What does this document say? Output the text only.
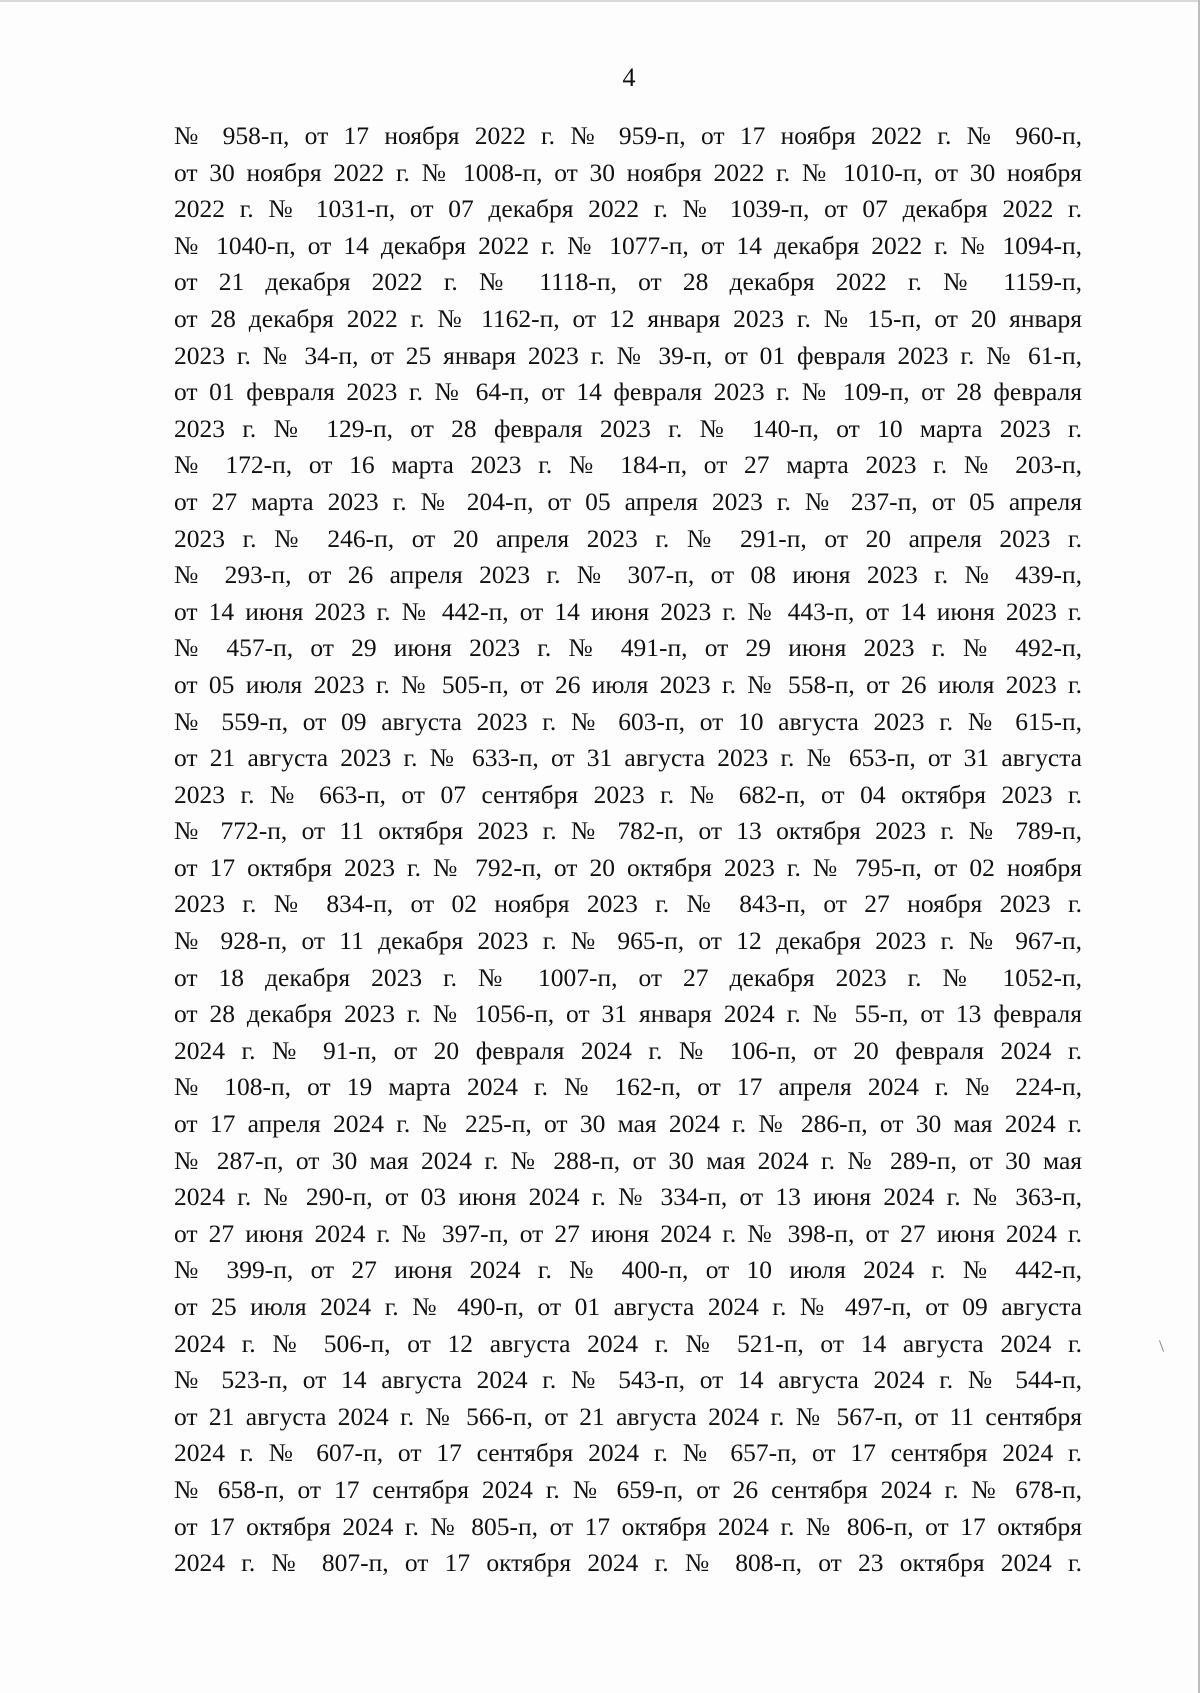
4
№ 958-п, от 17 ноября 2022 г. № 959-п, от 17 ноября 2022 г. № 960-п,
от 30 ноября 2022 г. № 1008-п, от 30 ноября 2022 г. № 1010-п, от 30 ноября
2022 г. № 1031-п, от 07 декабря 2022 г. № 1039-п, от 07 декабря 2022 г.
№ 1040-п, от 14 декабря 2022 г. № 1077-п, от 14 декабря 2022 г. № 1094-п,
от 21 декабря 2022 г. № 1118-п, от 28 декабря 2022 г. № 1159-п,
от 28 декабря 2022 г. № 1162-п, от 12 января 2023 г. № 15-п, от 20 января
2023 г. № 34-п, от 25 января 2023 г. № 39-п, от 01 февраля 2023 г. № 61-п,
от 01 февраля 2023 г. № 64-п, от 14 февраля 2023 г. № 109-п, от 28 февраля
2023 г. № 129-п, от 28 февраля 2023 г. № 140-п, от 10 марта 2023 г.
№ 172-п, от 16 марта 2023 г. № 184-п, от 27 марта 2023 г. № 203-п,
от 27 марта 2023 г. № 204-п, от 05 апреля 2023 г. № 237-п, от 05 апреля
2023 г. № 246-п, от 20 апреля 2023 г. № 291-п, от 20 апреля 2023 г.
№ 293-п, от 26 апреля 2023 г. № 307-п, от 08 июня 2023 г. № 439-п,
от 14 июня 2023 г. № 442-п, от 14 июня 2023 г. № 443-п, от 14 июня 2023 г.
№ 457-п, от 29 июня 2023 г. № 491-п, от 29 июня 2023 г. № 492-п,
от 05 июля 2023 г. № 505-п, от 26 июля 2023 г. № 558-п, от 26 июля 2023 г.
№ 559-п, от 09 августа 2023 г. № 603-п, от 10 августа 2023 г. № 615-п,
от 21 августа 2023 г. № 633-п, от 31 августа 2023 г. № 653-п, от 31 августа
2023 г. № 663-п, от 07 сентября 2023 г. № 682-п, от 04 октября 2023 г.
№ 772-п, от 11 октября 2023 г. № 782-п, от 13 октября 2023 г. № 789-п,
от 17 октября 2023 г. № 792-п, от 20 октября 2023 г. № 795-п, от 02 ноября
2023 г. № 834-п, от 02 ноября 2023 г. № 843-п, от 27 ноября 2023 г.
№ 928-п, от 11 декабря 2023 г. № 965-п, от 12 декабря 2023 г. № 967-п,
от 18 декабря 2023 г. № 1007-п, от 27 декабря 2023 г. № 1052-п,
от 28 декабря 2023 г. № 1056-п, от 31 января 2024 г. № 55-п, от 13 февраля
2024 г. № 91-п, от 20 февраля 2024 г. № 106-п, от 20 февраля 2024 г.
№ 108-п, от 19 марта 2024 г. № 162-п, от 17 апреля 2024 г. № 224-п,
от 17 апреля 2024 г. № 225-п, от 30 мая 2024 г. № 286-п, от 30 мая 2024 г.
№ 287-п, от 30 мая 2024 г. № 288-п, от 30 мая 2024 г. № 289-п, от 30 мая
2024 г. № 290-п, от 03 июня 2024 г. № 334-п, от 13 июня 2024 г. № 363-п,
от 27 июня 2024 г. № 397-п, от 27 июня 2024 г. № 398-п, от 27 июня 2024 г.
№ 399-п, от 27 июня 2024 г. № 400-п, от 10 июля 2024 г. № 442-п,
от 25 июля 2024 г. № 490-п, от 01 августа 2024 г. № 497-п, от 09 августа
2024 г. № 506-п, от 12 августа 2024 г. № 521-п, от 14 августа 2024 г.
№ 523-п, от 14 августа 2024 г. № 543-п, от 14 августа 2024 г. № 544-п,
от 21 августа 2024 г. № 566-п, от 21 августа 2024 г. № 567-п, от 11 сентября
2024 г. № 607-п, от 17 сентября 2024 г. № 657-п, от 17 сентября 2024 г.
№ 658-п, от 17 сентября 2024 г. № 659-п, от 26 сентября 2024 г. № 678-п,
от 17 октября 2024 г. № 805-п, от 17 октября 2024 г. № 806-п, от 17 октября
2024 г. № 807-п, от 17 октября 2024 г. № 808-п, от 23 октября 2024 г.
